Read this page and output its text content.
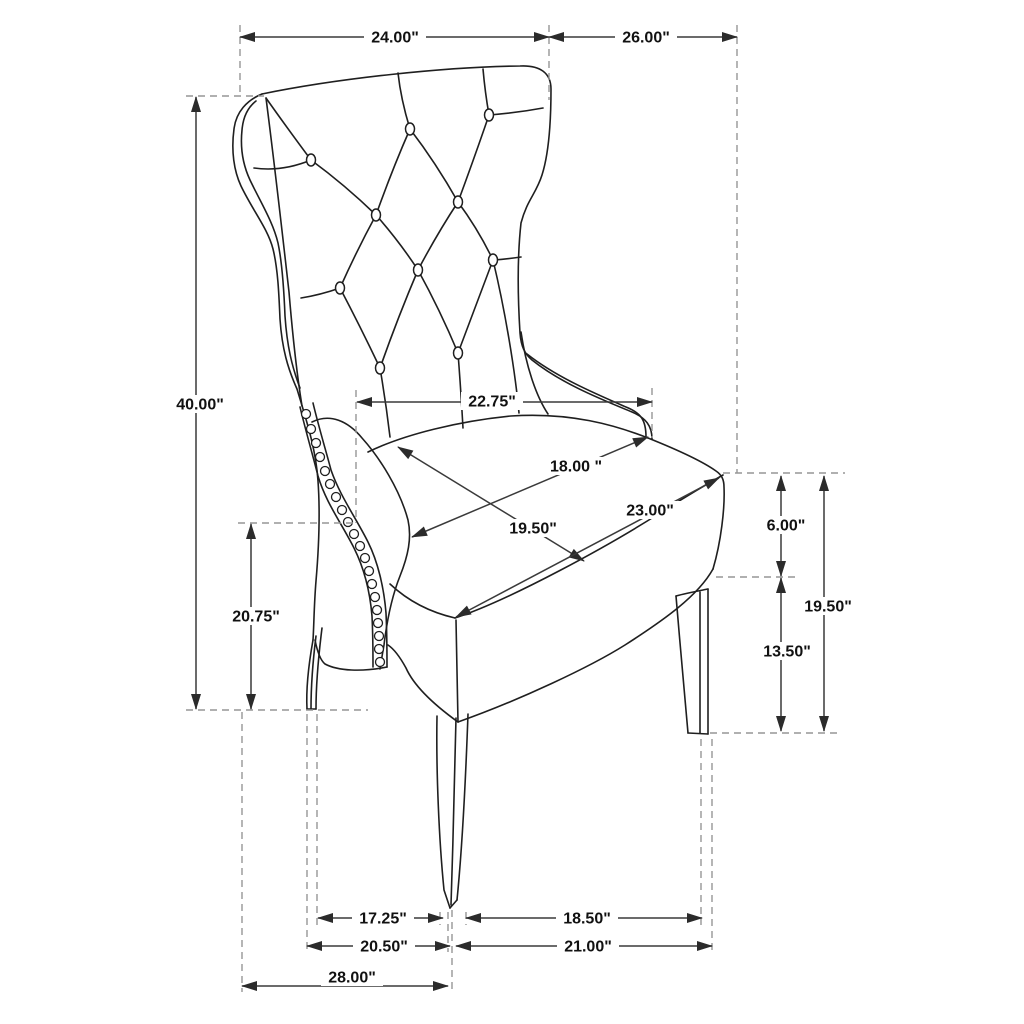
24.00"	26.00"
40.00"
20.75"
22.75"
18.00 "
19.50"
23.00"
6.00"
19.50"
13.50"
17.25"	18.50"
20.50"	21.00"
28.00"
